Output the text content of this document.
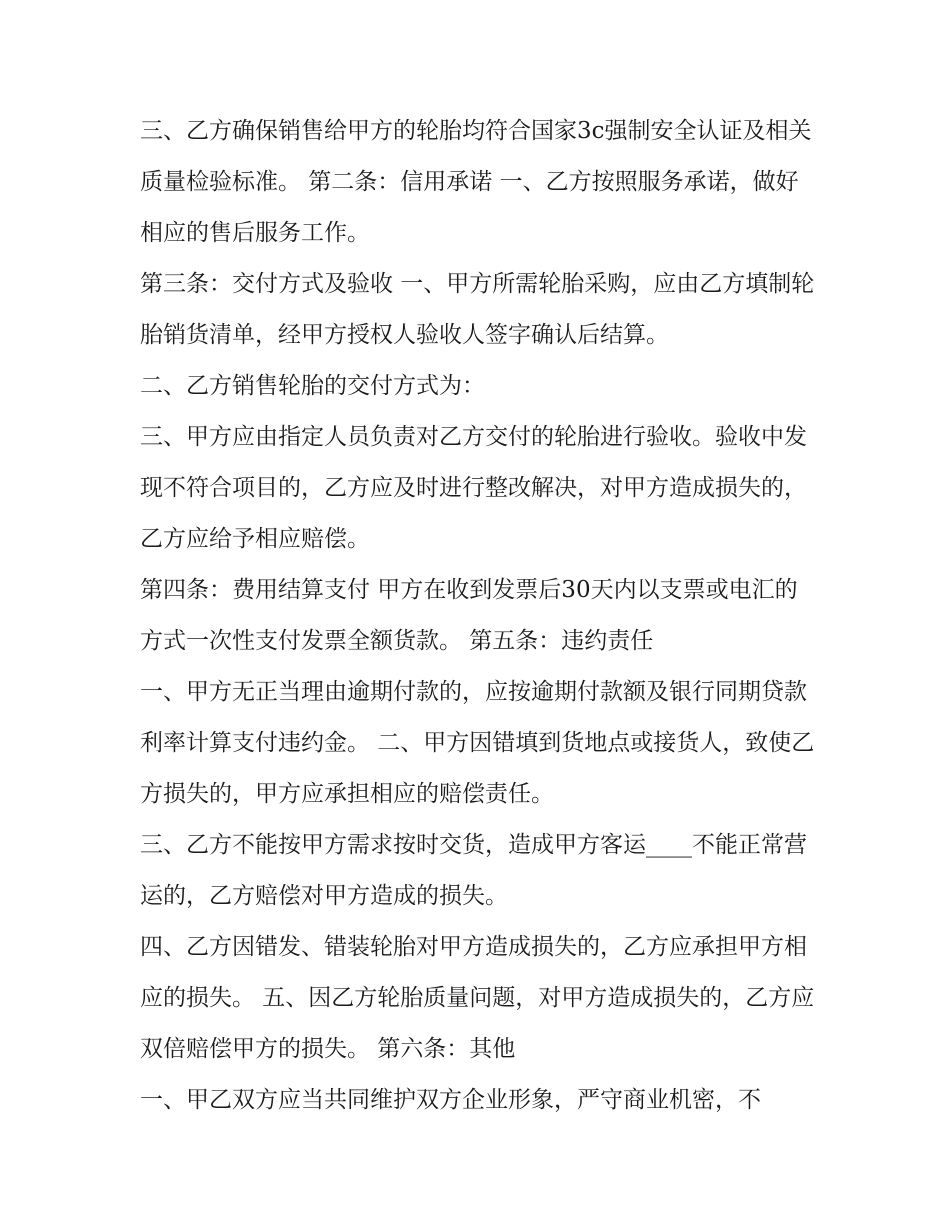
三、乙方确保销售给甲方的轮胎均符合国家3c强制安全认证及相关质量检验标准。 第二条：信用承诺 一、乙方按照服务承诺，做好相应的售后服务工作。

第三条：交付方式及验收 一、甲方所需轮胎采购，应由乙方填制轮胎销货清单，经甲方授权人验收人签字确认后结算。

二、乙方销售轮胎的交付方式为：

三、甲方应由指定人员负责对乙方交付的轮胎进行验收。验收中发现不符合项目的，乙方应及时进行整改解决，对甲方造成损失的，乙方应给予相应赔偿。

第四条：费用结算支付 甲方在收到发票后30天内以支票或电汇的方式一次性支付发票全额货款。 第五条：违约责任

一、甲方无正当理由逾期付款的，应按逾期付款额及银行同期贷款利率计算支付违约金。 二、甲方因错填到货地点或接货人，致使乙方损失的，甲方应承担相应的赔偿责任。

三、乙方不能按甲方需求按时交货，造成甲方客运____不能正常营运的，乙方赔偿对甲方造成的损失。

四、乙方因错发、错装轮胎对甲方造成损失的，乙方应承担甲方相应的损失。 五、因乙方轮胎质量问题，对甲方造成损失的，乙方应双倍赔偿甲方的损失。 第六条：其他

一、甲乙双方应当共同维护双方企业形象，严守商业机密，不
